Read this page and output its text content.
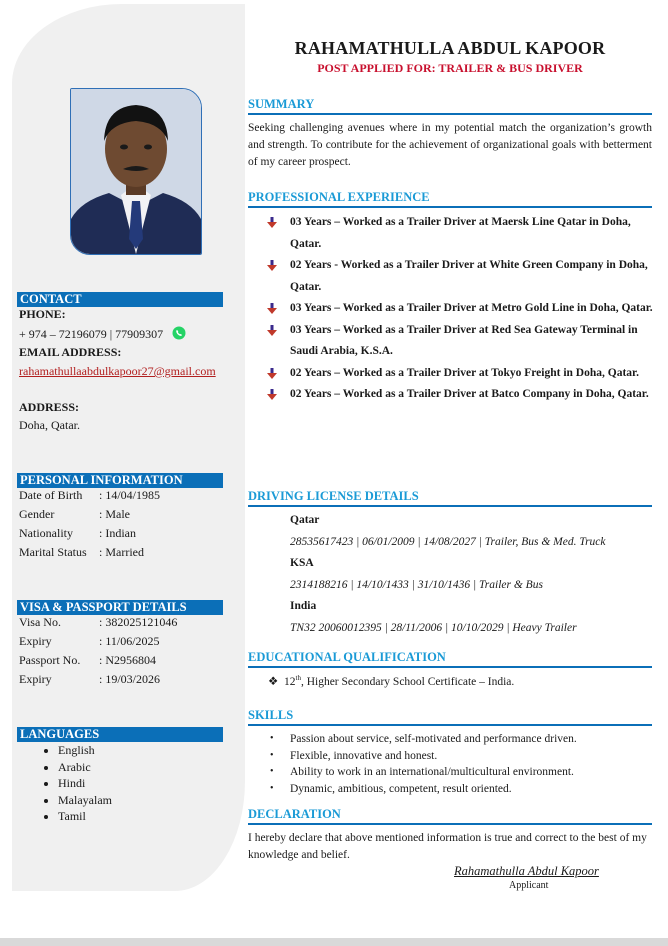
CONTACT
PHONE:
+ 974 – 72196079 | 77909307
EMAIL ADDRESS:
rahamathullaabdulkapoor27@gmail.com
ADDRESS:
Doha, Qatar.
PERSONAL INFORMATION
Date of Birth : 14/04/1985
Gender	: Male
Nationality : Indian
Marital Status : Married
VISA & PASSPORT DETAILS
Visa No.	: 382025121046
Expiry	: 11/06/2025
Passport No. : N2956804
Expiry	: 19/03/2026
LANGUAGES
• English
• Arabic
• Hindi
• Malayalam
• Tamil
RAHAMATHULLA ABDUL KAPOOR
POST APPLIED FOR: TRAILER & BUS DRIVER
SUMMARY
Seeking challenging avenues where in my potential match the organization’s growth and strength. To contribute for the achievement of organizational goals with betterment of my career prospect.
PROFESSIONAL EXPERIENCE
03 Years – Worked as a Trailer Driver at Maersk Line Qatar in Doha, Qatar.
02 Years - Worked as a Trailer Driver at White Green Company in Doha, Qatar.
03 Years – Worked as a Trailer Driver at Metro Gold Line in Doha, Qatar.
03 Years – Worked as a Trailer Driver at Red Sea Gateway Terminal in Saudi Arabia, K.S.A.
02 Years – Worked as a Trailer Driver at Tokyo Freight in Doha, Qatar.
02 Years – Worked as a Trailer Driver at Batco Company in Doha, Qatar.
DRIVING LICENSE DETAILS
Qatar
28535617423 | 06/01/2009 | 14/08/2027 | Trailer, Bus & Med. Truck
KSA
2314188216 | 14/10/1433 | 31/10/1436 | Trailer & Bus
India
TN32 20060012395 | 28/11/2006 | 10/10/2029 | Heavy Trailer
EDUCATIONAL QUALIFICATION
❖ 12th, Higher Secondary School Certificate – India.
SKILLS
• Passion about service, self-motivated and performance driven.
• Flexible, innovative and honest.
• Ability to work in an international/multicultural environment.
• Dynamic, ambitious, competent, result oriented.
DECLARATION
I hereby declare that above mentioned information is true and correct to the best of my knowledge and belief.
Rahamathulla Abdul Kapoor
Applicant
